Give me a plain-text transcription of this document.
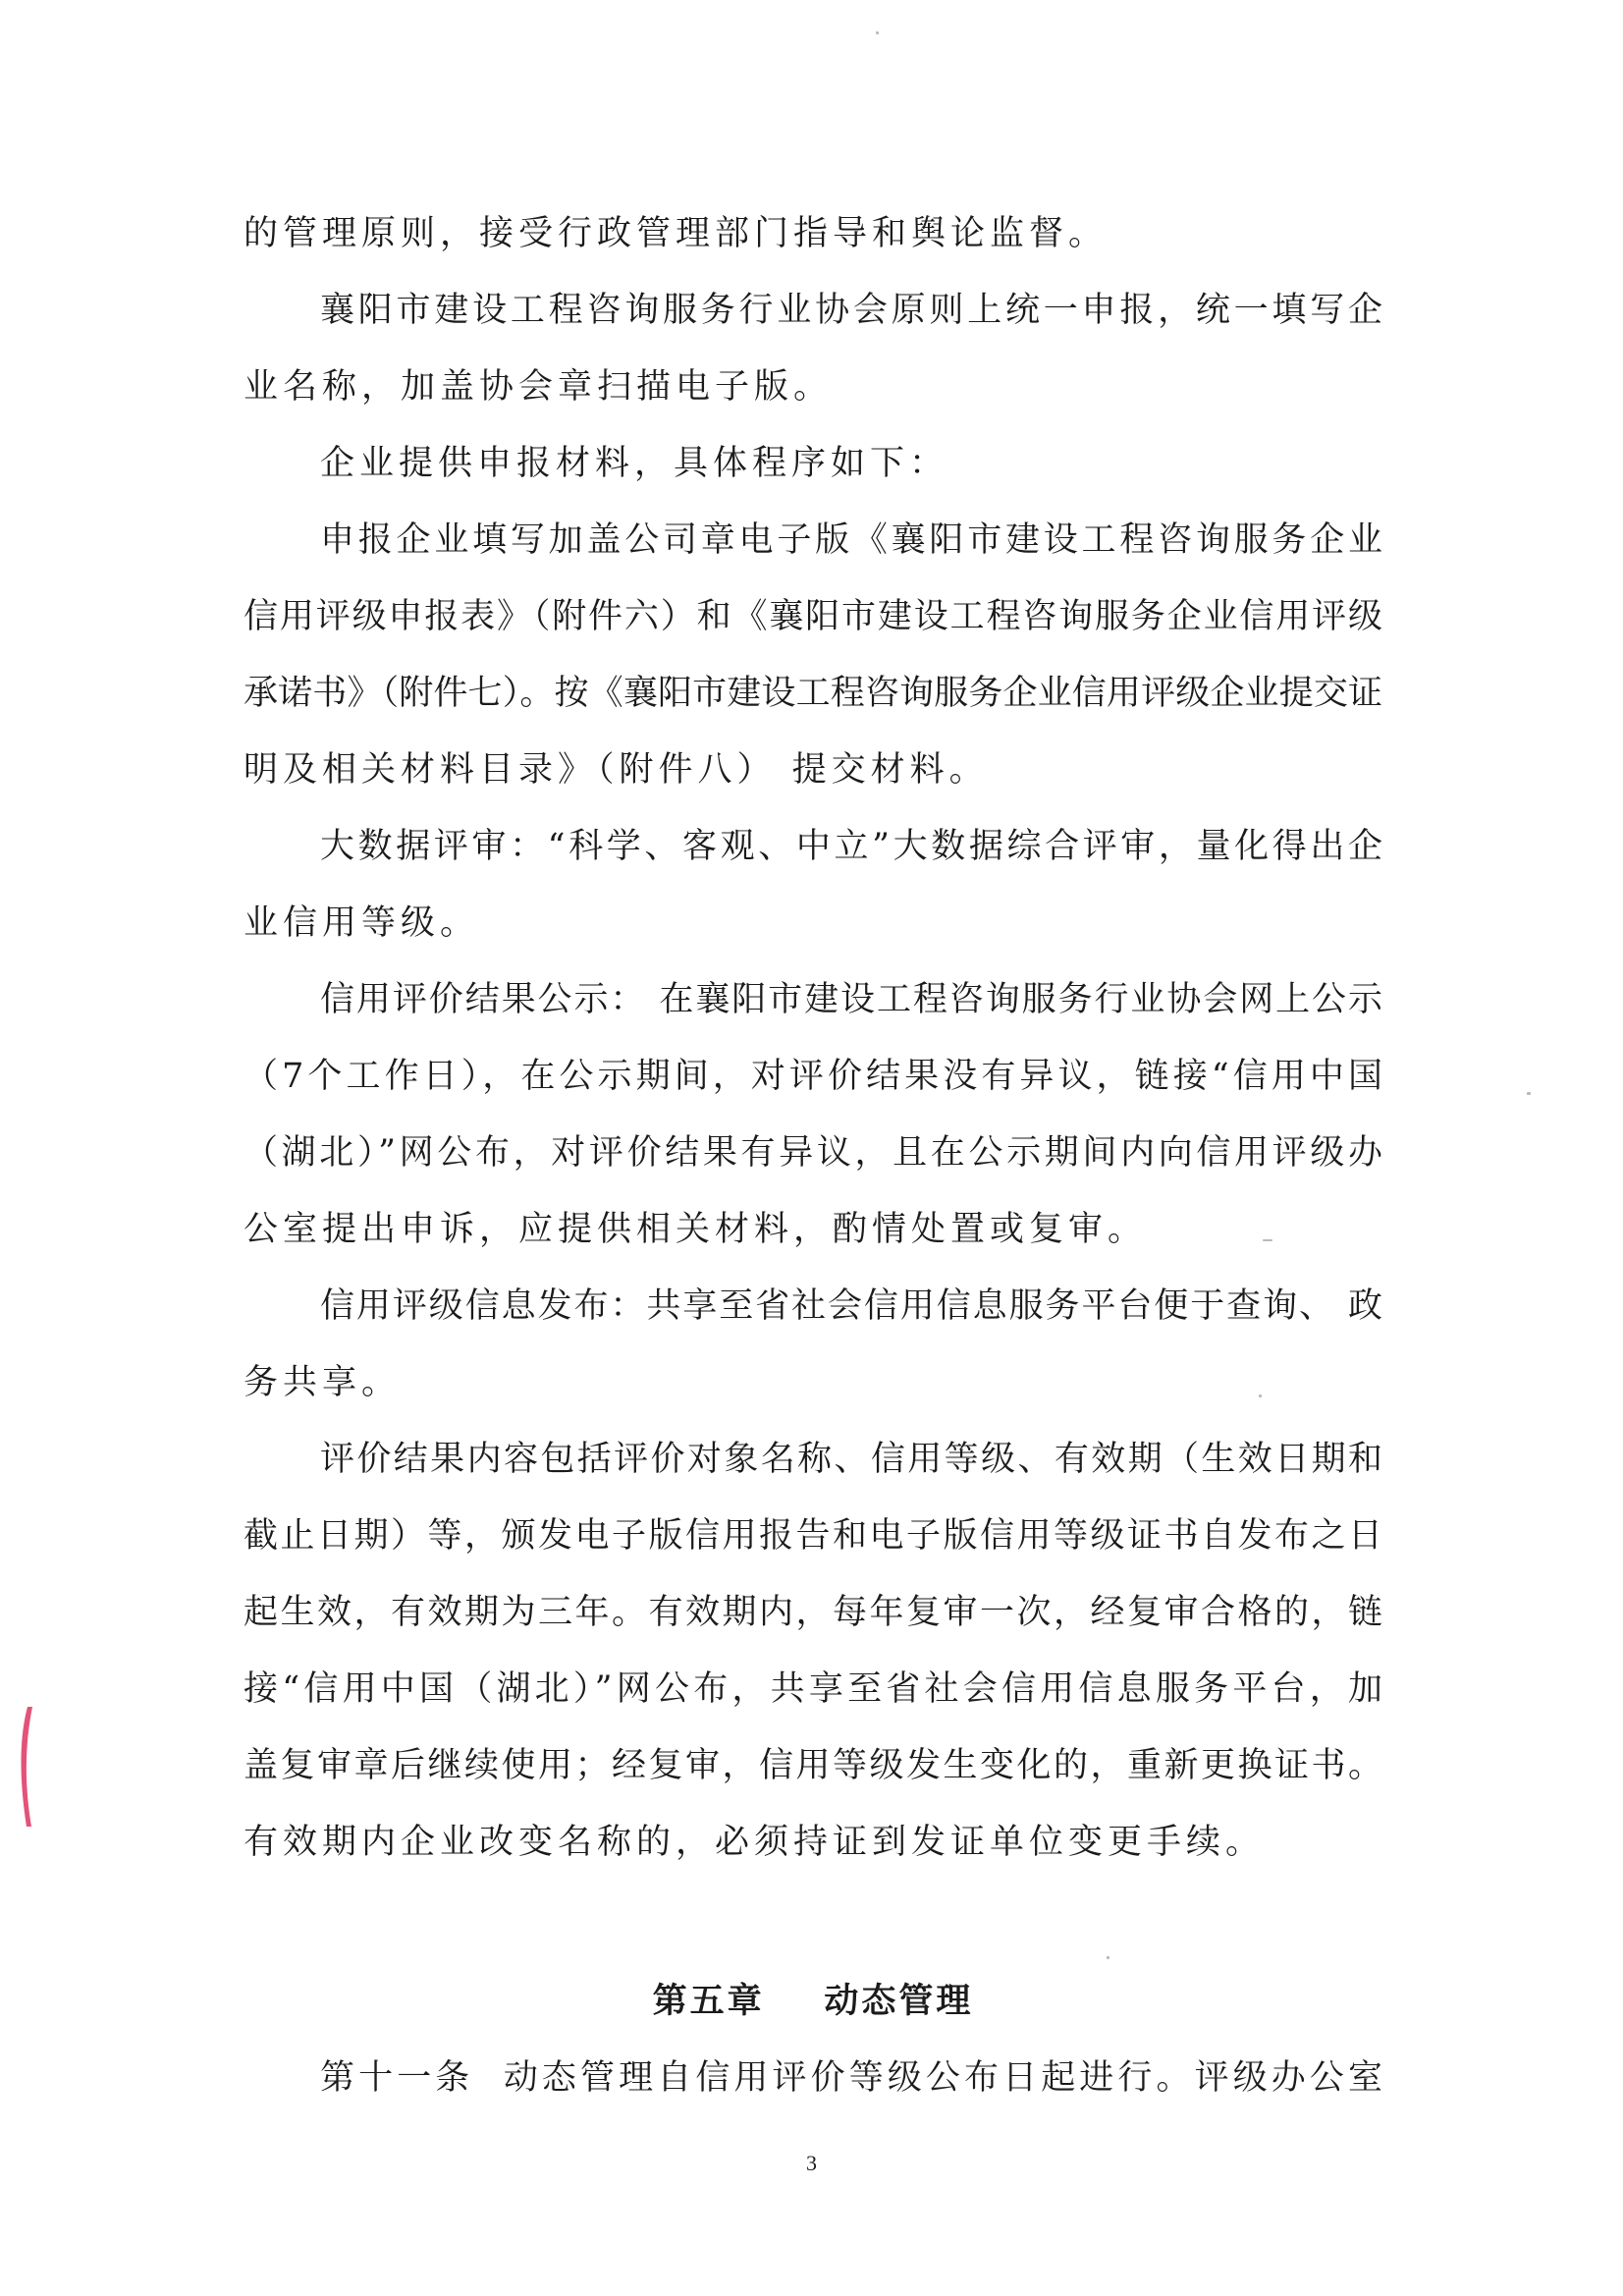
的管理原则，接受行政管理部门指导和舆论监督。
襄阳市建设工程咨询服务行业协会原则上统一申报，统一填写企
业名称，加盖协会章扫描电子版。
企业提供申报材料，具体程序如下：
申报企业填写加盖公司章电子版《襄阳市建设工程咨询服务企业
信用评级申报表》（附件六）和《襄阳市建设工程咨询服务企业信用评级
承诺书》（附件七）。按《襄阳市建设工程咨询服务企业信用评级企业提交证
明及相关材料目录》（附件八） 提交材料。
大数据评审：“科学、客观、中立”大数据综合评审，量化得出企
业信用等级。
信用评价结果公示： 在襄阳市建设工程咨询服务行业协会网上公示
（7个工作日），在公示期间，对评价结果没有异议，链接“信用中国
（湖北）”网公布，对评价结果有异议，且在公示期间内向信用评级办
公室提出申诉，应提供相关材料，酌情处置或复审。
信用评级信息发布：共享至省社会信用信息服务平台便于查询、 政
务共享。
评价结果内容包括评价对象名称、信用等级、有效期（生效日期和
截止日期）等，颁发电子版信用报告和电子版信用等级证书自发布之日
起生效，有效期为三年。有效期内，每年复审一次，经复审合格的，链
接“信用中国（湖北）”网公布，共享至省社会信用信息服务平台，加
盖复审章后继续使用；经复审，信用等级发生变化的，重新更换证书。
有效期内企业改变名称的，必须持证到发证单位变更手续。
第五章    动态管理
第十一条  动态管理自信用评价等级公布日起进行。评级办公室
3
